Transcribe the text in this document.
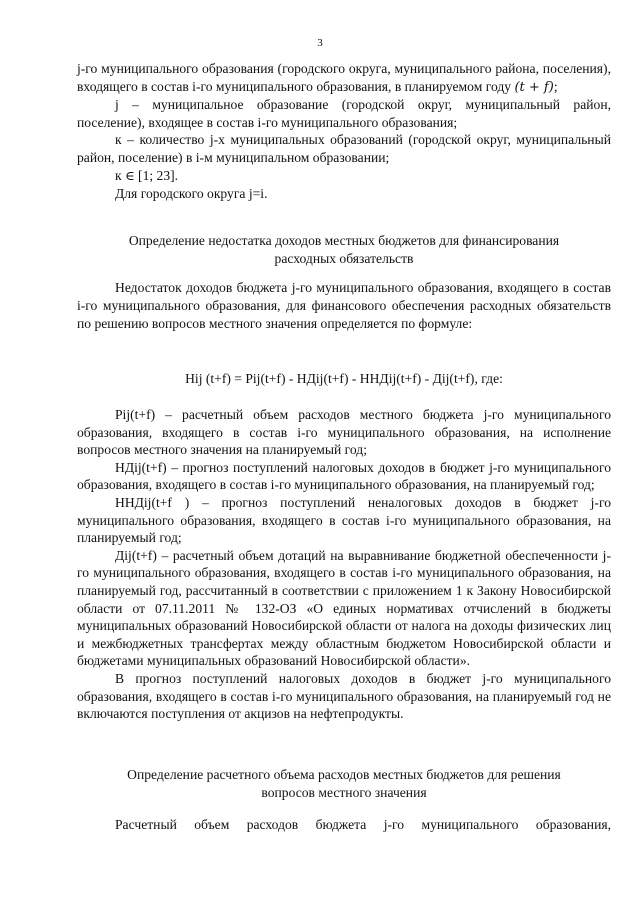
3

j-го муниципального образования (городского округа, муниципального района, поселения), входящего в состав i-го муниципального образования, в планируемом году (t + f);

j – муниципальное образование (городской округ, муниципальный район, поселение), входящее в состав i-го муниципального образования;

к – количество j-х муниципальных образований (городской округ, муниципальный район, поселение) в i-м муниципальном образовании;

к ∈ [1; 23].

Для городского округа j=i.

Определение недостатка доходов местных бюджетов для финансирования

расходных обязательств

Недостаток доходов бюджета j-го муниципального образования, входящего в состав i-го муниципального образования, для финансового обеспечения расходных обязательств по решению вопросов местного значения определяется по формуле:

Нij (t+f) = Рij(t+f) - НДij(t+f) - ННДij(t+f) - Дij(t+f), где:

Рij(t+f) – расчетный объем расходов местного бюджета j-го муниципального образования, входящего в состав i-го муниципального образования, на исполнение вопросов местного значения на планируемый год;

НДij(t+f) – прогноз поступлений налоговых доходов в бюджет j-го муниципального образования, входящего в состав i-го муниципального образования, на планируемый год;

ННДij(t+f ) – прогноз поступлений неналоговых доходов в бюджет j-го муниципального образования, входящего в состав i-го муниципального образования, на планируемый год;

Дij(t+f) – расчетный объем дотаций на выравнивание бюджетной обеспеченности j-го муниципального образования, входящего в состав i-го муниципального образования, на планируемый год, рассчитанный в соответствии с приложением 1 к Закону Новосибирской области от 07.11.2011 № 132-ОЗ «О единых нормативах отчислений в бюджеты муниципальных образований Новосибирской области от налога на доходы физических лиц и межбюджетных трансфертах между областным бюджетом Новосибирской области и бюджетами муниципальных образований Новосибирской области».

В прогноз поступлений налоговых доходов в бюджет j-го муниципального образования, входящего в состав i-го муниципального образования, на планируемый год не включаются поступления от акцизов на нефтепродукты.

Определение расчетного объема расходов местных бюджетов для решения

вопросов местного значения

Расчетный объем расходов бюджета j-го муниципального образования,
